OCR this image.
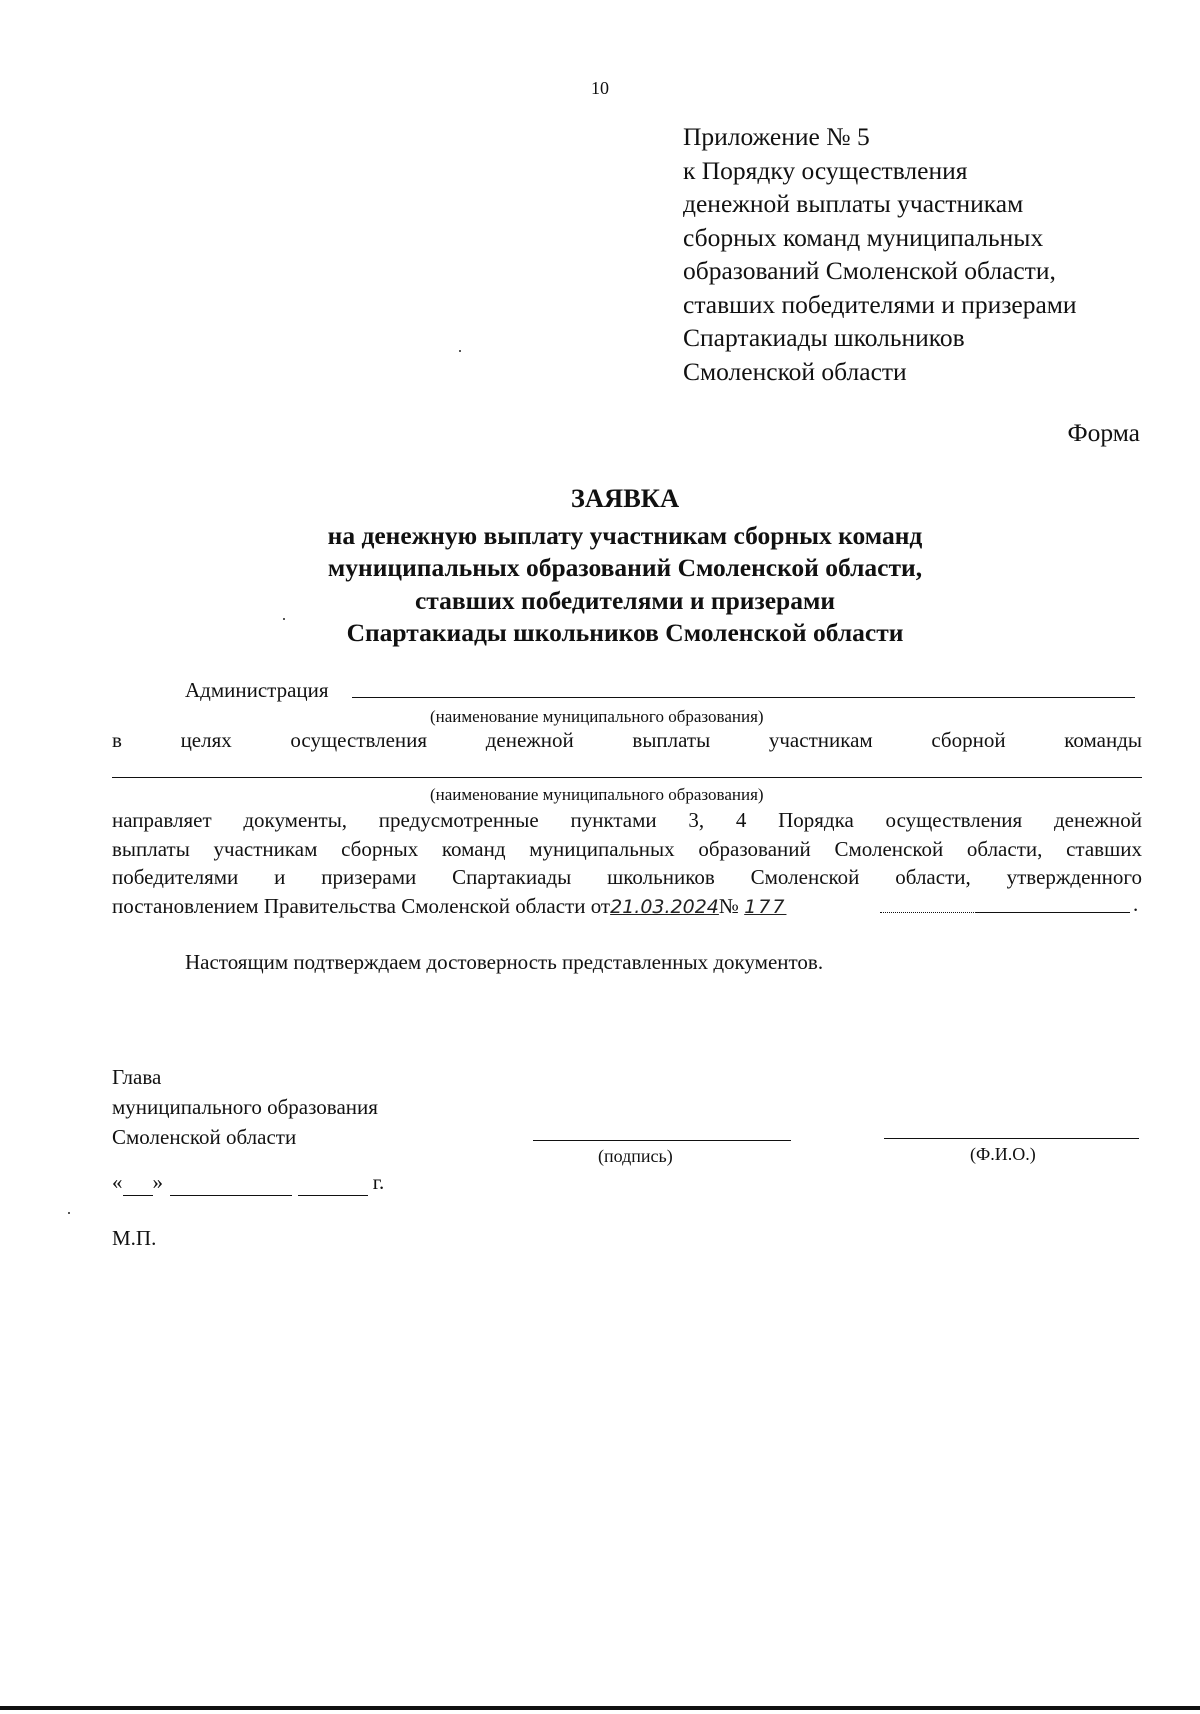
10
Приложение № 5
к Порядку осуществления
денежной выплаты участникам
сборных команд муниципальных
образований Смоленской области,
ставших победителями и призерами
Спартакиады школьников
Смоленской области
Форма
ЗАЯВКА
на денежную выплату участникам сборных команд
муниципальных образований Смоленской области,
ставших победителями и призерами
Спартакиады школьников Смоленской области
Администрация
(наименование муниципального образования)
в	целях	осуществления	денежной	выплаты	участникам	сборной	команды
(наименование муниципального образования)
направляет документы, предусмотренные пунктами 3, 4 Порядка осуществления денежной
выплаты участникам сборных команд муниципальных образований Смоленской области, ставших
победителями и призерами Спартакиады школьников Смоленской области, утвержденного
постановлением Правительства Смоленской области от21.03.2024№ 177	.
Настоящим подтверждаем достоверность представленных документов.
Глава
муниципального образования
Смоленской области
(подпись)	(Ф.И.О.)
« »	г.
М.П.
